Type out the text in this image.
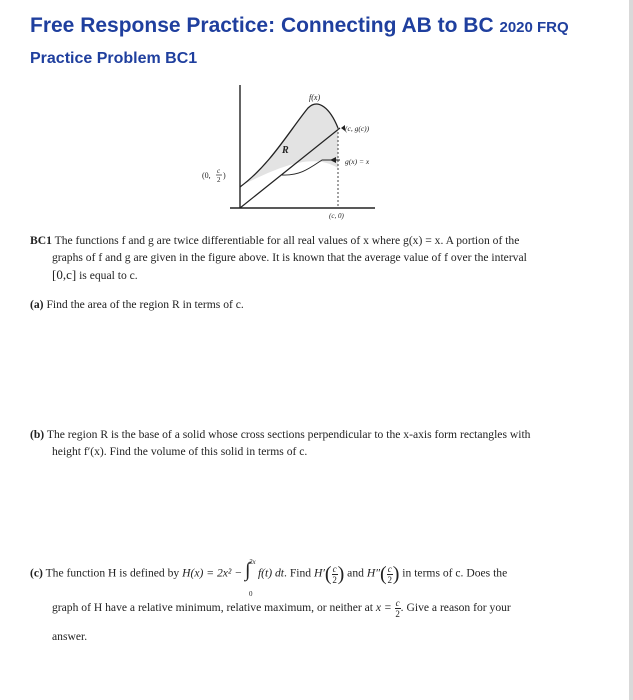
Free Response Practice: Connecting AB to BC 2020 FRQ
Practice Problem BC1
f(x)
(c, g(c))
R
g(x) = x
(c, 0)
(0, c
2 )
BC1 The functions f and g are twice differentiable for all real values of x where g(x) = x. A portion of the
graphs of f and g are given in the figure above. It is known that the average value of f over the interval
[0,c] is equal to c.
(a) Find the area of the region R in terms of c.
(b) The region R is the base of a solid whose cross sections perpendicular to the x-axis form rectangles with
height f′(x). Find the volume of this solid in terms of c.
(c) The function H is defined by H(x) = 2x² − ∫
2x
0
f(t) dt. Find $H'( \frac{c}{2}$ ) and $H''( \frac{c}{2}$ ) in terms of c. Does the
graph of H have a relative minimum, relative maximum, or neither at $x = \frac{c}{2}$ . Give a reason for your
answer.
